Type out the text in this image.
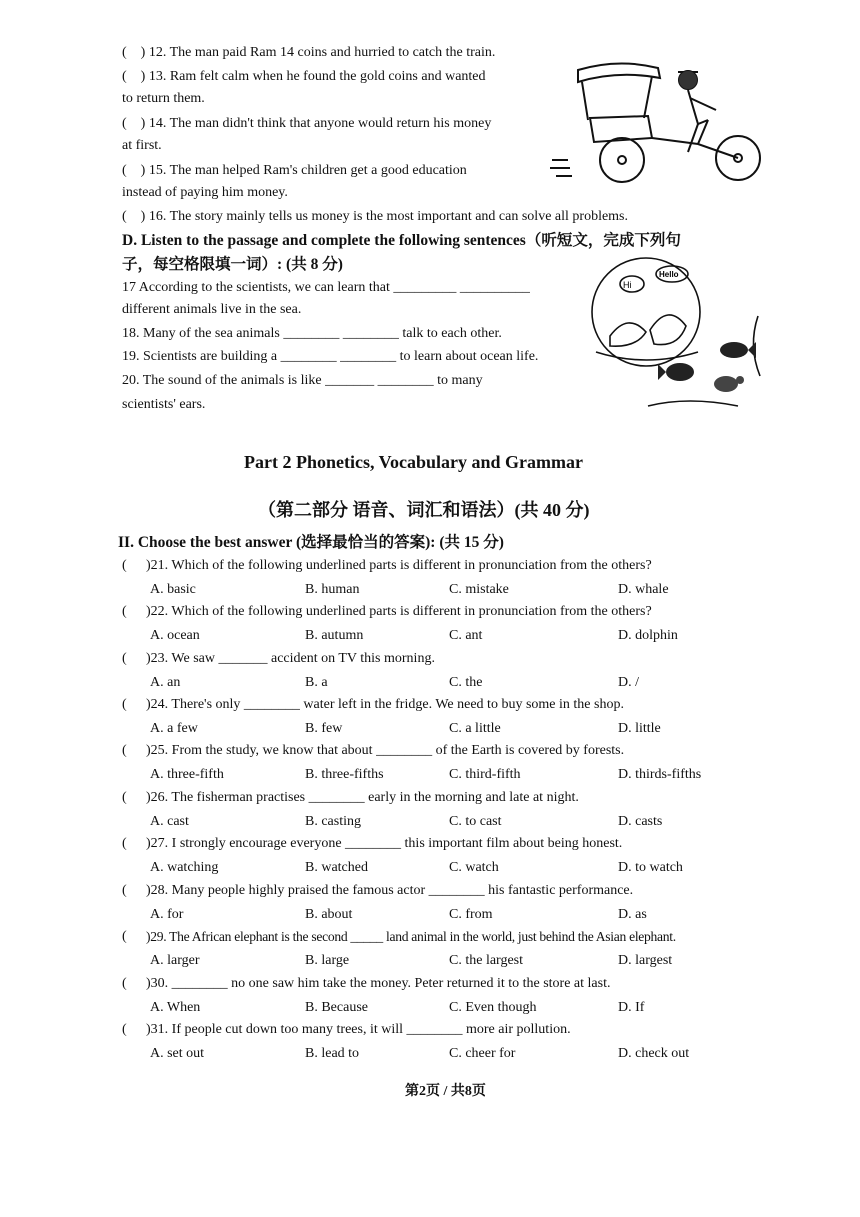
( ) 12. The man paid Ram 14 coins and hurried to catch the train.
( ) 13. Ram felt calm when he found the gold coins and wanted
to return them.
( ) 14. The man didn't think that anyone would return his money
at first.
( ) 15. The man helped Ram's children get a good education
instead of paying him money.
( ) 16. The story mainly tells us money is the most important and can solve all problems.
D. Listen to the passage and complete the following sentences（听短文，完成下列句
子，每空格限填一词）: (共 8 分)
17 According to the scientists, we can learn that _________ __________
different animals live in the sea.
18. Many of the sea animals ________ ________ talk to each other.
19. Scientists are building a ________ ________ to learn about ocean life.
20. The sound of the animals is like _______ ________ to many
scientists' ears.
Hi
Hello
Part 2 Phonetics, Vocabulary and Grammar
（第二部分 语音、词汇和语法）(共 40 分)
II. Choose the best answer (选择最恰当的答案): (共 15 分)
( )21. Which of the following underlined parts is different in pronunciation from the others?
A. basic	B. human	C. mistake	D. whale
( )22. Which of the following underlined parts is different in pronunciation from the others?
A. ocean	B. autumn	C. ant	D. dolphin
( )23. We saw _______ accident on TV this morning.
A. an	B. a	C. the	D. /
( )24. There's only ________ water left in the fridge. We need to buy some in the shop.
A. a few	B. few	C. a little	D. little
( )25. From the study, we know that about ________ of the Earth is covered by forests.
A. three-fifth	B. three-fifths	C. third-fifth	D. thirds-fifths
( )26. The fisherman practises ________ early in the morning and late at night.
A. cast	B. casting	C. to cast	D. casts
( )27. I strongly encourage everyone ________ this important film about being honest.
A. watching	B. watched	C. watch	D. to watch
( )28. Many people highly praised the famous actor ________ his fantastic performance.
A. for	B. about	C. from	D. as
( )29. The African elephant is the second _____ land animal in the world, just behind the Asian elephant.
A. larger	B. large	C. the largest	D. largest
( )30. ________ no one saw him take the money. Peter returned it to the store at last.
A. When	B. Because	C. Even though	D. If
( )31. If people cut down too many trees, it will ________ more air pollution.
A. set out	B. lead to	C. cheer for	D. check out
第2页 / 共8页
